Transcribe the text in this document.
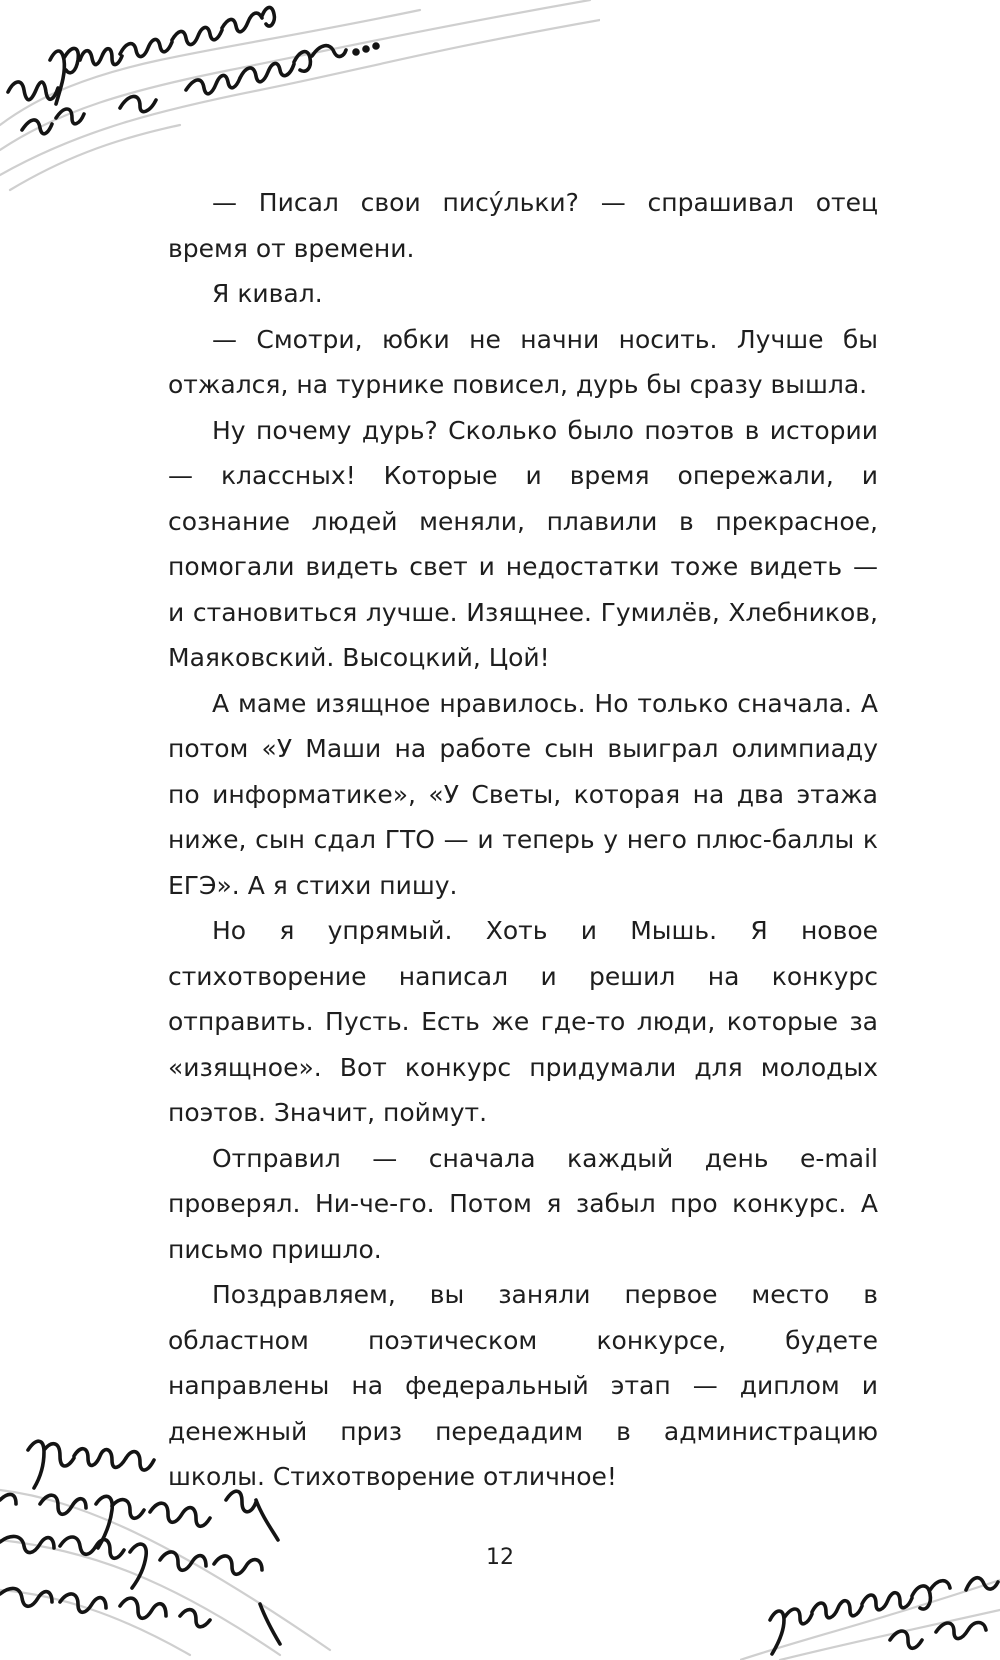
— Писал свои пису́льки? — спрашивал отец время от времени.

Я кивал.

— Смотри, юбки не начни носить. Лучше бы отжался, на турнике повисел, дурь бы сразу вышла.

Ну почему дурь? Сколько было поэтов в истории — классных! Которые и время опережали, и сознание людей меняли, плавили в прекрасное, помогали видеть свет и недостатки тоже видеть — и становиться лучше. Изящнее. Гумилёв, Хлебников, Маяковский. Высоцкий, Цой!

А маме изящное нравилось. Но только сначала. А потом «У Маши на работе сын выиграл олимпиаду по информатике», «У Светы, которая на два этажа ниже, сын сдал ГТО — и теперь у него плюс-баллы к ЕГЭ». А я стихи пишу.

Но я упрямый. Хоть и Мышь. Я новое стихотворение написал и решил на конкурс отправить. Пусть. Есть же где-то люди, которые за «изящное». Вот конкурс придумали для молодых поэтов. Значит, поймут.

Отправил — сначала каждый день e-mail проверял. Ни-че-го. Потом я забыл про конкурс. А письмо пришло.

Поздравляем, вы заняли первое место в областном поэтическом конкурсе, будете направлены на федеральный этап — диплом и денежный приз передадим в администрацию школы. Стихотворение отличное!

12
